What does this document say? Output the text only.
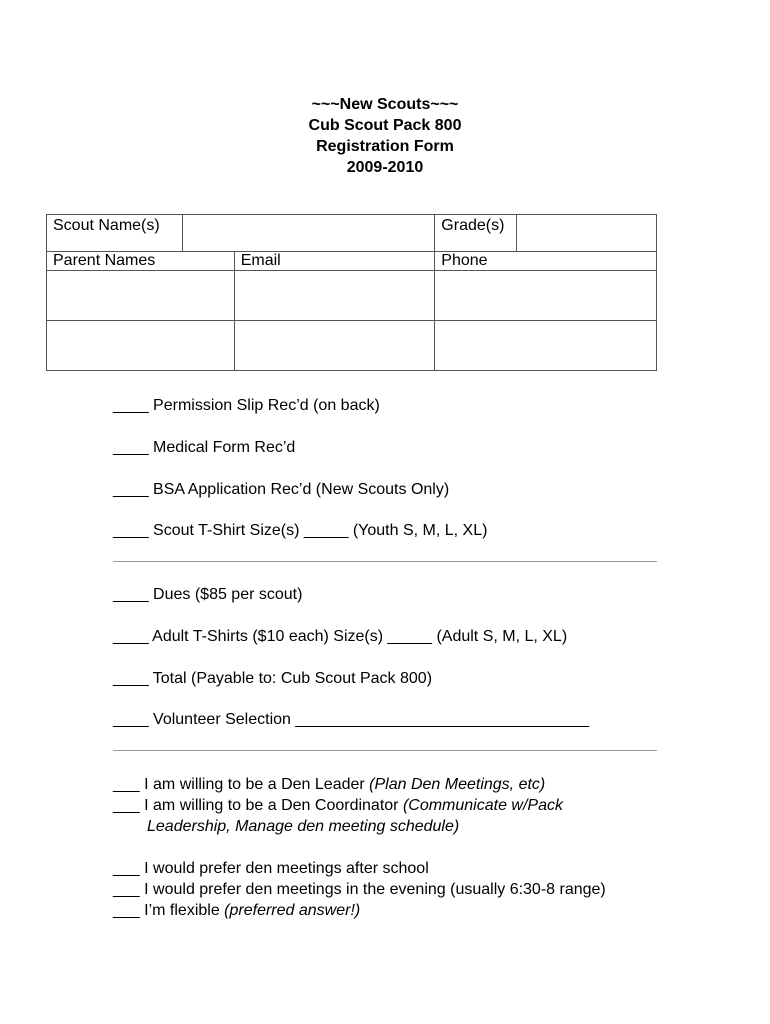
~~~New Scouts~~~
Cub Scout Pack 800
Registration Form
2009-2010
Scout Name(s)			Grade(s)	
Parent Names		Email	Phone	

____ Permission Slip Rec’d (on back)
____ Medical Form Rec’d
____ BSA Application Rec’d (New Scouts Only)
____ Scout T-Shirt Size(s) _____ (Youth S, M, L, XL)
____ Dues ($85 per scout)
____ Adult T-Shirts ($10 each) Size(s) _____ (Adult S, M, L, XL)
____ Total (Payable to: Cub Scout Pack 800)
____ Volunteer Selection _________________________________
___ I am willing to be a Den Leader (Plan Den Meetings, etc)
___ I am willing to be a Den Coordinator (Communicate w/Pack
Leadership, Manage den meeting schedule)
___ I would prefer den meetings after school
___ I would prefer den meetings in the evening (usually 6:30-8 range)
___ I’m flexible (preferred answer!)
